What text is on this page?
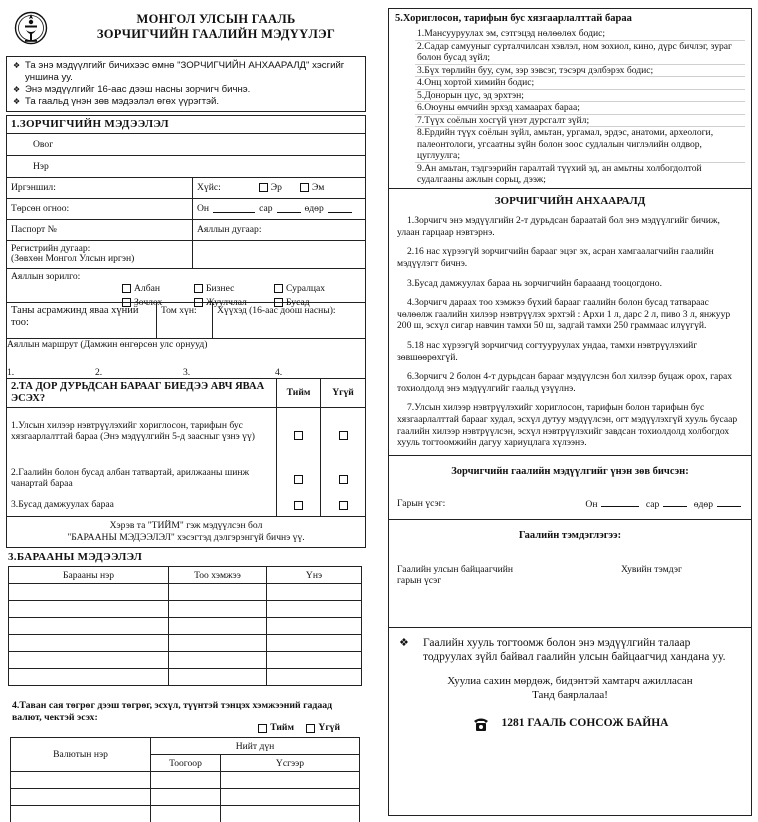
МОНГОЛ УЛСЫН ГААЛЬ
ЗОРЧИГЧИЙН ГААЛИЙН МЭДҮҮЛЭГ
❖ Та энэ мэдүүлгийг бичихээс өмнө "ЗОРЧИГЧИЙН АНХААРАЛД" хэсгийг уншина уу.
❖ Энэ мэдүүлгийг 16-аас дээш насны зорчигч бичнэ.
❖ Та гаальд үнэн зөв мэдээлэл өгөх үүрэгтэй.
1.ЗОРЧИГЧИЙН МЭДЭЭЛЭЛ
Овог
Нэр
Иргэншил:	Хүйс:	Эр	Эм
Төрсөн огноо:	Он	сар	өдөр
Паспорт №	Аяллын дугаар:
Регистрийн дугаар:
(Зөвхөн Монгол Улсын иргэн)
Аяллын зорилго:
Албан	Бизнес	Суралцах
Зочлох	Жуулчлал	Бусад
Таны асрамжинд явaa хүний тоо:
Том хүн:	Хүүхэд (16-аас доош насны):
Аяллын маршрут (Дамжин өнгөрсөн улс орнууд)
1.	2.	3.	4.
2.ТА ДОР ДУРЬДСАН БАРААГ БИЕДЭЭ АВЧ ЯВАА ЭСЭХ?
Тийм	Үгүй
1.Улсын хилээр нэвтрүүлэхийг хориглосон, тарифын бус хязгаарлалттай бараа (Энэ мэдүүлгийн 5-д заасныг үзнэ үү)
2.Гаалийн болон бусад албан татвартай, арилжааны шинж чанартай бараа
3.Бусад дамжуулах бараа
Хэрэв та "ТИЙМ" гэж мэдүүлсэн бол
"БАРААНЫ МЭДЭЭЛЭЛ" хэсэгтэд дэлгэрэнгүй бичнэ үү.
3.БАРААНЫ МЭДЭЭЛЭЛ
Барааны нэр	Тоо хэмжээ	Үнэ

4.Таван сая төгрөг дээш төгрөг, эсхүл, түүнтэй тэнцэх хэмжээний гадаад валют, чектэй эсэх:
Тийм	Үгүй
Валютын нэр	Нийт дүн	
	Тоогоор	Үсгээр

5.Хориглосон, тарифын бус хязгаарлалттай бараа
1.Мансууруулах эм, сэтгэцэд нөлөөлөх бодис;
2.Садар самууныг сурталчилсан хэвлэл, ном зохиол, кино, дүрс бичлэг, зураг болон бусад зүйл;
3.Бүх төрлийн буу, сум, зэр зэвсэг, тэсэрч дэлбэрэх бодис;
4.Онц хортой химийн бодис;
5.Донорын цус, эд эрхтэн;
6.Оюуны өмчийн эрхэд хамаарах бараа;
7.Түүх соёлын хосгүй үнэт дурсгалт зүйл;
8.Ердийн түүх соёлын зүйл, амьтан, ургамал, эрдэс, анатоми, археологи, палеонтологи, угсаатны зүйн болон зоос судлалын чиглэлийн олдвор, цуглуулга;
9.Ан амьтан, тэдгээрийн гаралтай түүхий эд, ан амьтны холбогдолтой судалгааны ажлын сорьц, дээж;
ЗОРЧИГЧИЙН АНХААРАЛД
1.Зорчигч энэ мэдүүлгийн 2-т дурьдсан бараатай бол энэ мэдүүлгийг бичиж, улаан гарцаар нэвтэрнэ.
2.16 нас хүрээгүй зорчигчийн барааг эцэг эх, асран хамгаалагчийн гаалийн мэдүүлэгт бичнэ.
3.Бусад дамжуулах бараа нь зорчигчийн барааанд тооцогдоно.
4.Зорчигч дараах тоо хэмжээ бүхий барааг гаалийн болон бусад татвараас чөлөөлж гаалийн хилээр нэвтрүүлэх эрхтэй : Архи 1 л, дарс 2 л, пиво 3 л, янжуур 200 ш, эсхүл сигар навчин тамхи 50 ш, задгай тамхи 250 граммаас илүүгүй.
5.18 нас хүрээгүй зорчигчид согтууруулах ундаа, тамхи нэвтрүүлэхийг зөвшөөрөхгүй.
6.Зорчигч 2 болон 4-т дурьдсан барааг мэдүүлсэн бол хилээр буцаж орох, гарах тохиолдолд энэ мэдүүлгийг гаальд үзүүлнэ.
7.Улсын хилээр нэвтрүүлэхийг хориглосон, тарифын болон тарифын бус хязгаарлалттай барааг худал, эсхүл дутуу мэдүүлсэн, огт мэдүүлэхгүй хууль бусаар гаалийн хилээр нэвтрүүлсэн, эсхүл нэвтрүүлэхийг завдсан тохиолдолд холбогдох хууль тогтоомжийн дагуу хариуцлага хүлээнэ.
Зорчигчийн гаалийн мэдүүлгийг үнэн зөв бичсэн:
Гарын үсэг:	Он	сар	өдөр
Гаалийн тэмдэглэгээ:
Гаалийн улсын байцаагчийн гарын үсэг
Хувийн тэмдэг
❖	Гаалийн хууль тогтоомж болон энэ мэдүүлгийн талаар тодруулах зүйл байвал гаалийн улсын байцаагчид хандана уу.
Хуулиа сахин мөрдөж, бидэнтэй хамтарч ажилласан
Танд баярлалаа!
1281 ГААЛЬ СОНСОЖ БАЙНА
